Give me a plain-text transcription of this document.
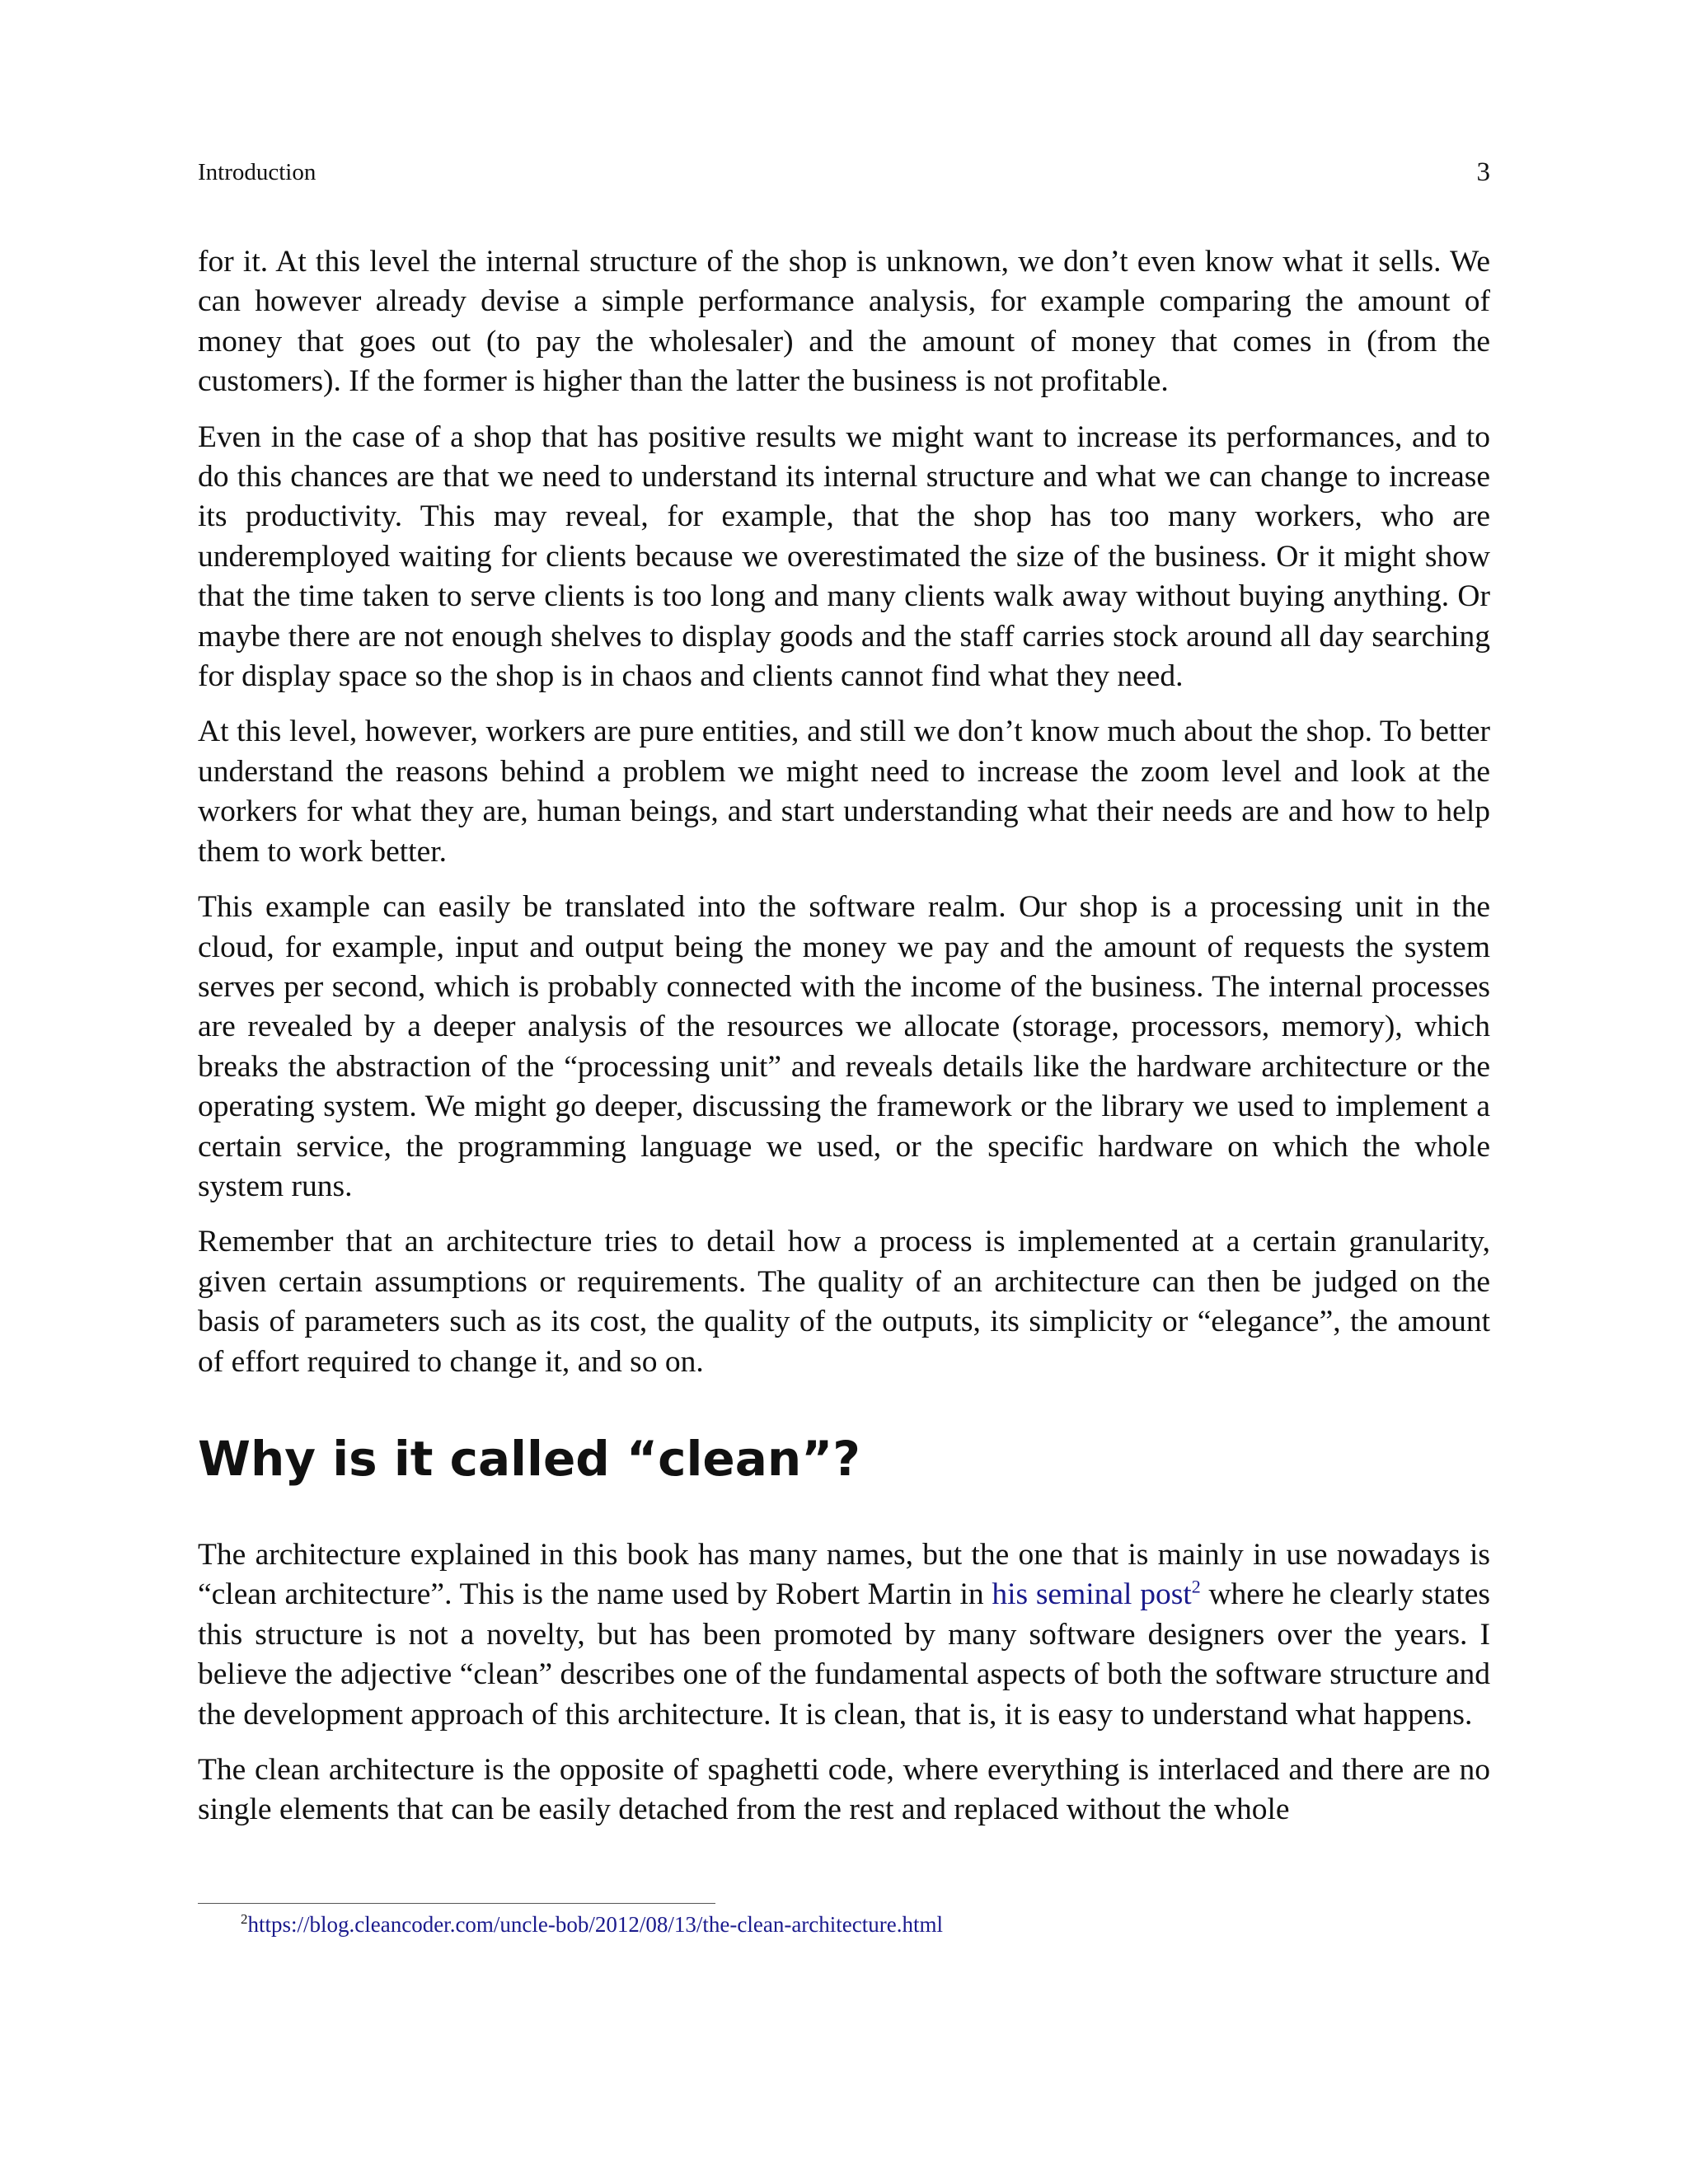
Introduction	3

for it. At this level the internal structure of the shop is unknown, we don’t even know what it sells. We can however already devise a simple performance analysis, for example comparing the amount of money that goes out (to pay the wholesaler) and the amount of money that comes in (from the customers). If the former is higher than the latter the business is not profitable.

Even in the case of a shop that has positive results we might want to increase its performances, and to do this chances are that we need to understand its internal structure and what we can change to increase its productivity. This may reveal, for example, that the shop has too many workers, who are underemployed waiting for clients because we overestimated the size of the business. Or it might show that the time taken to serve clients is too long and many clients walk away without buying anything. Or maybe there are not enough shelves to display goods and the staff carries stock around all day searching for display space so the shop is in chaos and clients cannot find what they need.

At this level, however, workers are pure entities, and still we don’t know much about the shop. To better understand the reasons behind a problem we might need to increase the zoom level and look at the workers for what they are, human beings, and start understanding what their needs are and how to help them to work better.

This example can easily be translated into the software realm. Our shop is a processing unit in the cloud, for example, input and output being the money we pay and the amount of requests the system serves per second, which is probably connected with the income of the business. The internal processes are revealed by a deeper analysis of the resources we allocate (storage, processors, memory), which breaks the abstraction of the “processing unit” and reveals details like the hardware architecture or the operating system. We might go deeper, discussing the framework or the library we used to implement a certain service, the programming language we used, or the specific hardware on which the whole system runs.

Remember that an architecture tries to detail how a process is implemented at a certain granularity, given certain assumptions or requirements. The quality of an architecture can then be judged on the basis of parameters such as its cost, the quality of the outputs, its simplicity or “elegance”, the amount of effort required to change it, and so on.

Why is it called “clean”?

The architecture explained in this book has many names, but the one that is mainly in use nowadays is “clean architecture”. This is the name used by Robert Martin in his seminal post$^2$ where he clearly states this structure is not a novelty, but has been promoted by many software designers over the years. I believe the adjective “clean” describes one of the fundamental aspects of both the software structure and the development approach of this architecture. It is clean, that is, it is easy to understand what happens.

The clean architecture is the opposite of spaghetti code, where everything is interlaced and there are no single elements that can be easily detached from the rest and replaced without the whole

$^2$https://blog.cleancoder.com/uncle-bob/2012/08/13/the-clean-architecture.html
